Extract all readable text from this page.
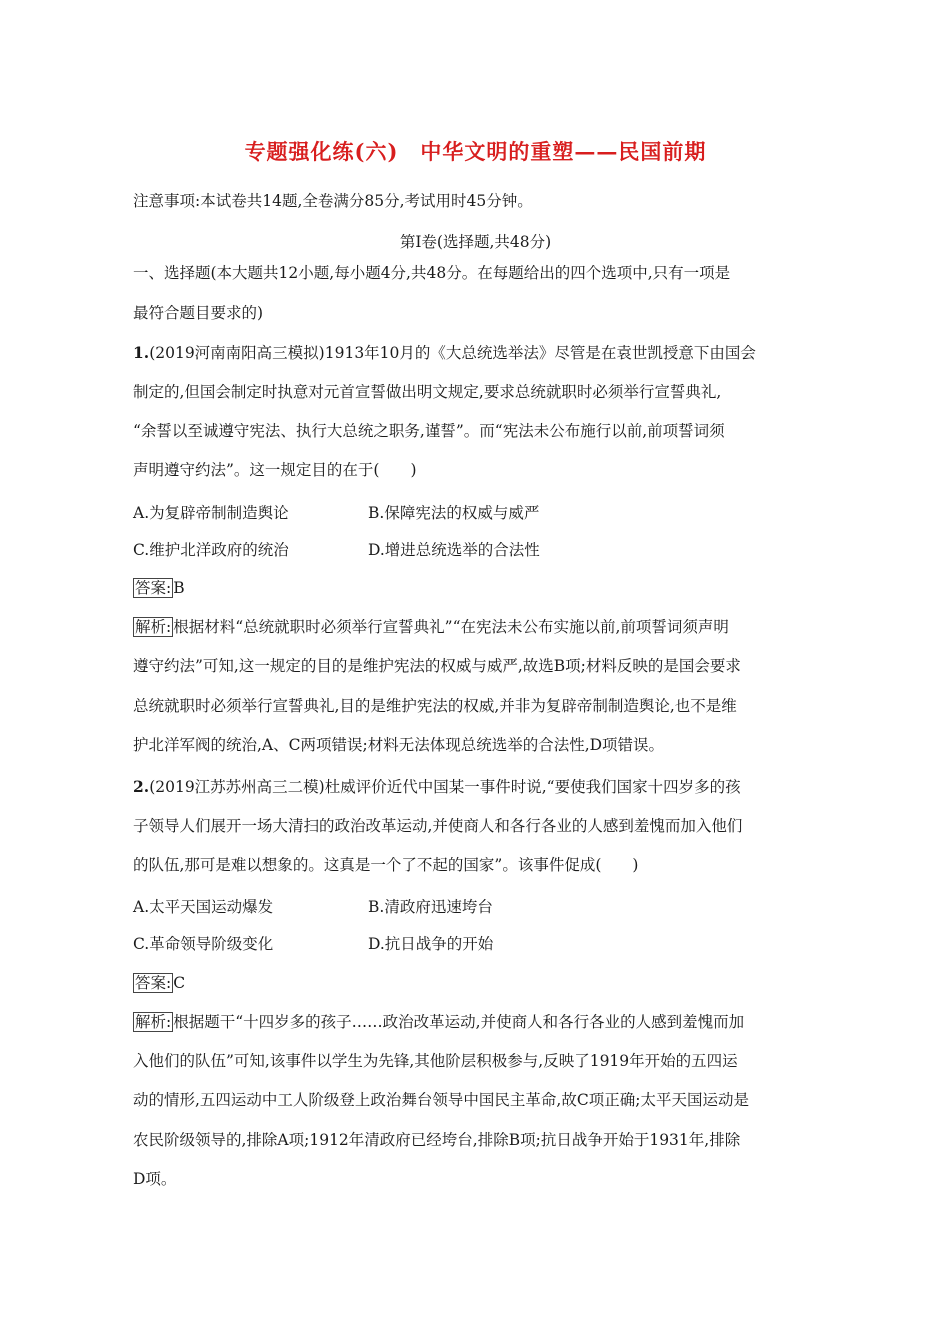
专题强化练(六)　中华文明的重塑——民国前期
注意事项:本试卷共14题,全卷满分85分,考试用时45分钟。
第Ⅰ卷(选择题,共48分)
一、选择题(本大题共12小题,每小题4分,共48分。在每题给出的四个选项中,只有一项是
最符合题目要求的)
1.(2019河南南阳高三模拟)1913年10月的《大总统选举法》尽管是在袁世凯授意下由国会
制定的,但国会制定时执意对元首宣誓做出明文规定,要求总统就职时必须举行宣誓典礼,
“余誓以至诚遵守宪法、执行大总统之职务,谨誓”。而“宪法未公布施行以前,前项誓词须
声明遵守约法”。这一规定目的在于(　　)
A.为复辟帝制制造舆论	B.保障宪法的权威与威严
C.维护北洋政府的统治	D.增进总统选举的合法性
答案: B
解析: 根据材料“总统就职时必须举行宣誓典礼”“在宪法未公布实施以前,前项誓词须声明
遵守约法”可知,这一规定的目的是维护宪法的权威与威严,故选B项;材料反映的是国会要求
总统就职时必须举行宣誓典礼,目的是维护宪法的权威,并非为复辟帝制制造舆论,也不是维
护北洋军阀的统治,A、C两项错误;材料无法体现总统选举的合法性,D项错误。
2.(2019江苏苏州高三二模)杜威评价近代中国某一事件时说,“要使我们国家十四岁多的孩
子领导人们展开一场大清扫的政治改革运动,并使商人和各行各业的人感到羞愧而加入他们
的队伍,那可是难以想象的。这真是一个了不起的国家”。该事件促成(　　)
A.太平天国运动爆发	B.清政府迅速垮台
C.革命领导阶级变化	D.抗日战争的开始
答案: C
解析: 根据题干“十四岁多的孩子……政治改革运动,并使商人和各行各业的人感到羞愧而加
入他们的队伍”可知,该事件以学生为先锋,其他阶层积极参与,反映了1919年开始的五四运
动的情形,五四运动中工人阶级登上政治舞台领导中国民主革命,故C项正确;太平天国运动是
农民阶级领导的,排除A项;1912年清政府已经垮台,排除B项;抗日战争开始于1931年,排除
D项。
